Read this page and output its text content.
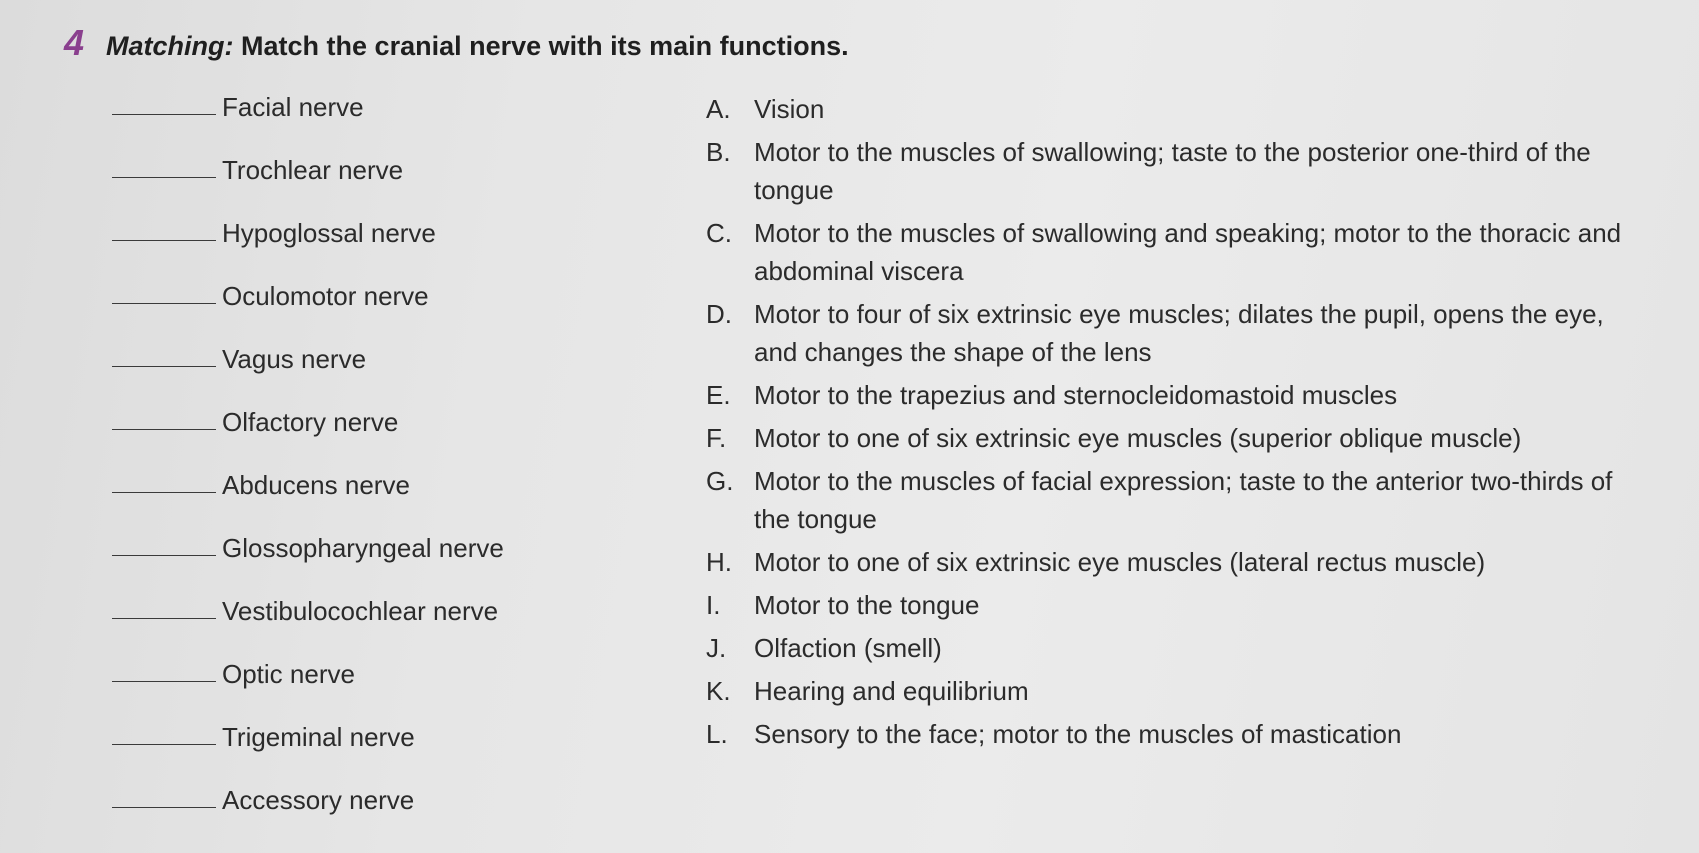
4 Matching: Match the cranial nerve with its main functions.
Facial nerve
Trochlear nerve
Hypoglossal nerve
Oculomotor nerve
Vagus nerve
Olfactory nerve
Abducens nerve
Glossopharyngeal nerve
Vestibulocochlear nerve
Optic nerve
Trigeminal nerve
Accessory nerve
A. Vision
B. Motor to the muscles of swallowing; taste to the posterior one-third of the tongue
C. Motor to the muscles of swallowing and speaking; motor to the thoracic and abdominal viscera
D. Motor to four of six extrinsic eye muscles; dilates the pupil, opens the eye, and changes the shape of the lens
E. Motor to the trapezius and sternocleidomastoid muscles
F.	Motor to one of six extrinsic eye muscles (superior oblique muscle)
G. Motor to the muscles of facial expression; taste to the anterior two-thirds of the tongue
H. Motor to one of six extrinsic eye muscles (lateral rectus muscle)
I.	Motor to the tongue
J.	Olfaction (smell)
K. Hearing and equilibrium
L.	Sensory to the face; motor to the muscles of mastication
